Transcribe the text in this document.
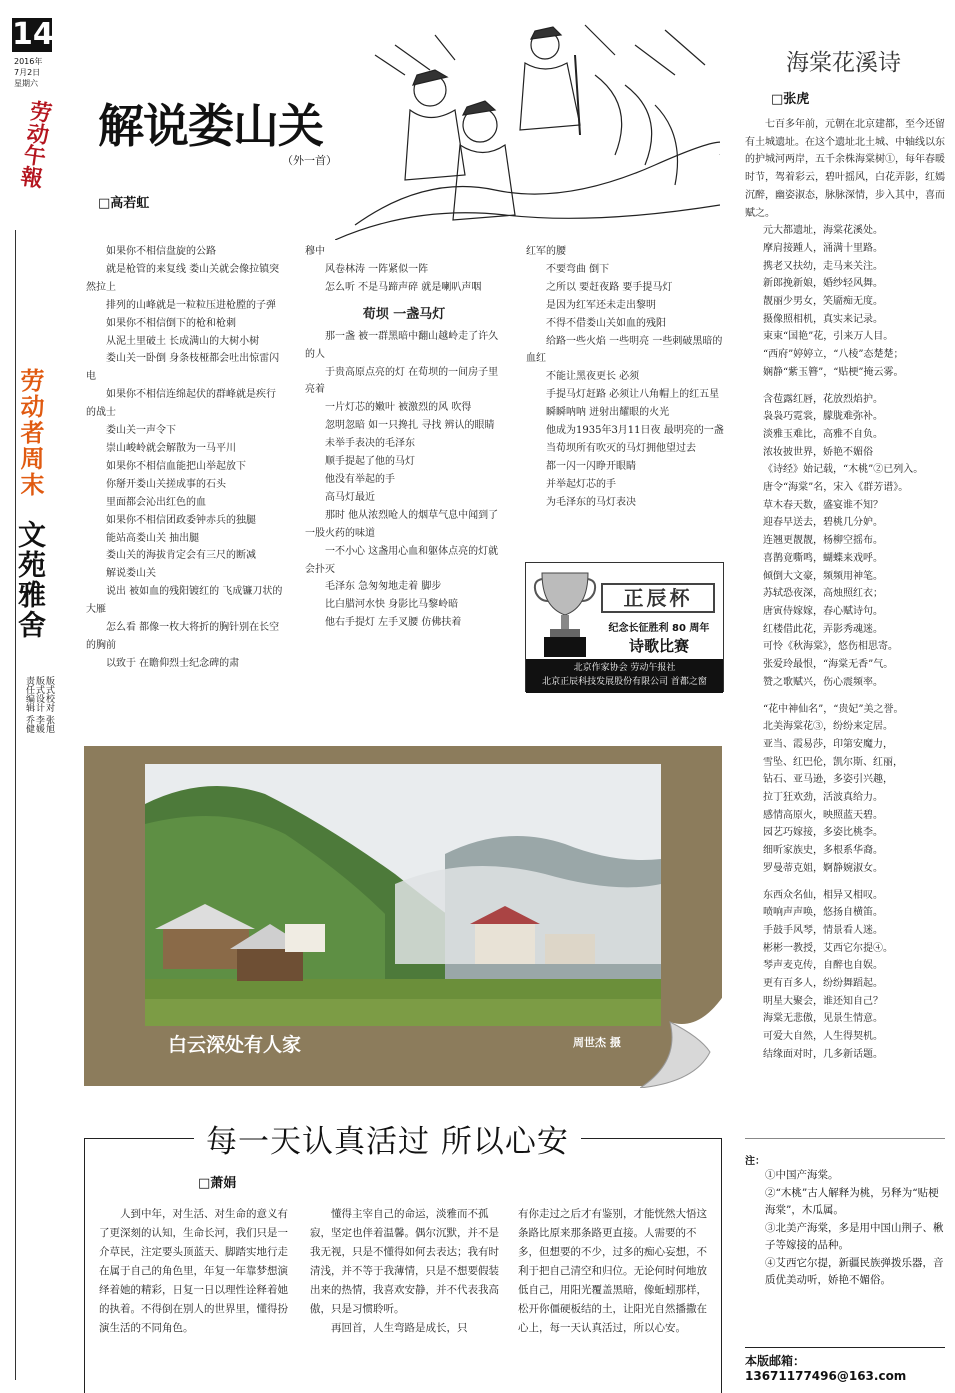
14
2016年
7月2日
星期六
劳动午報
劳动者周末
文苑雅舍
版式校对 张旭
版式设计 李媛
责任编辑 乔健
解说娄山关
（外一首）
□高若虹

如果你不相信盘旋的公路

就是枪管的来复线 娄山关就会像拉镇突然拉上

排列的山峰就是一粒粒压进枪膛的子弹

如果你不相信倒下的枪和枪刺

从泥土里破土 长成满山的大树小树

娄山关一卧倒 身条枝桠都会吐出惊雷闪电

如果你不相信连绵起伏的群峰就是疾行的战士

娄山关一声令下

崇山峻岭就会解散为一马平川

如果你不相信血能把山举起放下

你掰开娄山关搓成事的石头

里面都会沁出红色的血

如果你不相信团政委钟赤兵的独腿

能站高娄山关 抽出腿

娄山关的海拔肯定会有三尺的断减

解说娄山关

说出 被如血的残阳镀红的 飞成镰刀状的大雁

怎么看 都像一枚大将折的胸针别在长空的胸前

以致于 在瞻仰烈士纪念碑的肃

穆中

风卷林涛 一阵紧似一阵

怎么听 不是马蹄声碎 就是喇叭声咽

荀坝 一盏马灯

那一盏 被一群黑暗中翻山越岭走了许久的人

于贵高原点亮的灯 在荀坝的一间房子里亮着

一片灯芯的嫩叶 被激烈的风 吹得

忽明忽暗 如一只搀扎 寻找 辨认的眼睛

未举手表决的毛泽东

顺手提起了他的马灯

他没有举起的手

高马灯最近

那时 他从浓烈呛人的烟草气息中闻到了一股火药的味道

一不小心 这盏用心血和躯体点亮的灯就会扑灭

毛泽东 急匆匆地走着 脚步

比白腊河水快 身影比马黎岭暗

他右手提灯 左手叉腰 仿佛扶着

红军的腰

不要弯曲 倒下

之所以 要赶夜路 要手提马灯

是因为红军还未走出黎明

不得不借娄山关如血的残阳

给路一些火焰 一些明亮 一些刺破黑暗的血红

不能让黑夜更长 必须

手提马灯赶路 必须让八角帽上的红五星

瞬瞬呐呐 迸射出耀眼的火光

他成为1935年3月11日夜 最明亮的一盏

当荀坝所有吹灭的马灯拥他望过去

都一闪一闪睁开眼睛

并举起灯芯的手

为毛泽东的马灯表决

正辰杯
纪念长征胜利 80 周年
诗歌比赛
北京作家协会 劳动午报社
北京正辰科技发展股份有限公司 首都之窗
海棠花溪诗
□张虎

七百多年前，元朝在北京建都，至今还留有土城遗址。在这个遗址北土城、中轴线以东的护城河两岸，五千余株海棠树①，每年春暖时节，驾着彩云，碧叶摇风，白花弄影，红嫣沉醉，幽姿淑态，脉脉深情，步入其中，喜而赋之。

元大都遗址，海棠花溪处。

摩肩接踵人，涌满十里路。

携老又扶幼，走马来关注。

新郎挽新娘，婚纱轻风舞。

靓丽少男女，笑靥痴无度。

摄像照相机，真实来记录。

束束“国艳”花，引来万人目。

“西府”婷婷立，“八棱”态楚楚；

娴静“紫玉簪”，“贴梗”掩云雾。

含苞露红唇，花放烈焰护。

袅袅巧霓裳，朦胧难弥补。

淡雅玉难比，高雅不自负。

浓妆披世界，娇艳不媚俗

《诗经》始记载，“木桃”②已列入。

唐令“海棠”名，宋入《群芳谱》。

草木春天数，盛宴谁不知？

迎春早送去，碧桃几分妒。

连翘更靓靓，杨柳空摇布。

喜鹊竟嘶鸣，蝴蝶来戏呼。

倾倒大文豪，频频用神笔。

苏轼恐夜深，高烛照红衣；

唐寅侍嫁嫁，春心赋诗句。

红楼借此花，弄影秀魂迷。

可怜《秋海棠》，悠伤相思寄。

张爱玲最恨，“海棠无香”气。

赞之歌赋兴，伤心震频率。

“花中神仙名”，“贵妃”美之誉。

北美海棠花③，纷纷来定居。

亚当、霞易莎，印第安魔力，

雪坠、红巴伦，凯尔斯、红丽，

钻石、亚马逊，多姿引兴趣，

拉丁狂欢劲，活波真给力。

感情高原火，映照蓝天碧。

园艺巧嫁接，多姿比桃李。

细听家族史，多根系华裔。

罗曼蒂克姐，婀静婉淑女。

东西众名仙，相异又相叹。

喷响声声唤，悠扬自横笛。

手鼓手风琴，情景看人迷。

彬彬一教授，艾西它尔提④。

琴声麦克传，自醉也自娱。

更有百多人，纷纷舞蹈起。

明星大聚会，谁还知自己？

海棠无悲傲，见景生情意。

可爱大自然，人生得契机。

结缘面对时，几多新话题。

注：
①中国产海棠。
②“木桃”古人解释为桃，另释为“贴梗海棠”，木瓜属。
③北美产海棠，多是用中国山荆子、楸子等嫁接的品种。
④艾西它尔提，新疆民族弹拨乐器，音质优美动听，娇艳不媚俗。
本版邮箱：13671177496@163.com
白云深处有人家	周世杰 摄
每一天认真活过 所以心安
□萧娟

人到中年，对生活、对生命的意义有了更深刻的认知，生命长河，我们只是一介草民，注定要头顶蓝天、脚踏实地行走在属于自己的角色里，年复一年靠梦想演绎着她的精彩，日复一日以理性诠释着她的执着。不得倒在别人的世界里，懂得扮演生活的不同角色。

懂得主宰自己的命运，淡雅而不孤寂，坚定也伴着温馨。偶尔沉默，并不是我无视，只是不懂得如何去表达；我有时清浅，并不等于我薄情，只是不想要假装出来的热情，我喜欢安静，并不代表我高傲，只是习惯聆听。

再回首，人生弯路是成长，只

有你走过之后才有鉴别，才能恍然大悟这条路比原来那条路更直接。人需要的不多，但想要的不少，过多的痴心妄想，不利于把自己清空和归位。无论何时何地放低自己，用阳光覆盖黑暗，像蚯蚓那样，松开你僵硬板结的土，让阳光自然播撒在心上，每一天认真活过，所以心安。
